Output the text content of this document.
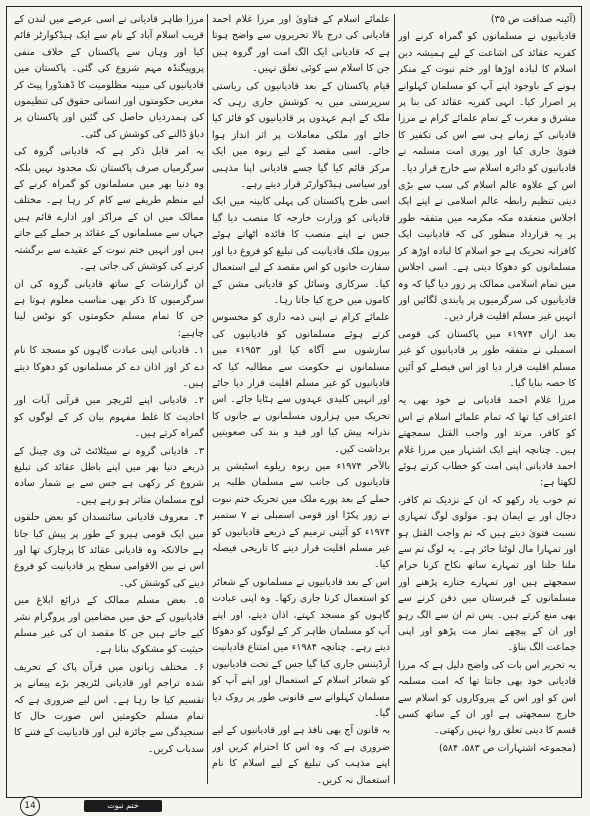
(آئینہ صداقت ص ۳۵)

قادیانیوں نے مسلمانوں کو گمراہ کرنے اور کفریہ عقائد کی اشاعت کے لیے ہمیشہ دین اسلام کا لبادہ اوڑھا اور ختم نبوت کے منکر ہونے کے باوجود اپنے آپ کو مسلمان کہلوانے پر اصرار کیا۔ انہی کفریہ عقائد کی بنا پر مشرق و مغرب کے تمام علمائے کرام نے مرزا قادیانی کے زمانے ہی سے اس کی تکفیر کا فتویٰ جاری کیا اور پوری امت مسلمہ نے قادیانیوں کو دائرہ اسلام سے خارج قرار دیا۔

اس کے علاوہ عالم اسلام کی سب سے بڑی دینی تنظیم رابطہ عالم اسلامی نے اپنے ایک اجلاس منعقدہ مکہ مکرمہ میں متفقہ طور پر یہ قرارداد منظور کی کہ قادیانیت ایک کافرانہ تحریک ہے جو اسلام کا لبادہ اوڑھ کر مسلمانوں کو دھوکا دیتی ہے۔ اسی اجلاس میں تمام اسلامی ممالک پر زور دیا گیا کہ وہ قادیانیوں کی سرگرمیوں پر پابندی لگائیں اور انہیں غیر مسلم اقلیت قرار دیں۔

بعد ازاں ۱۹۷۴ء میں پاکستان کی قومی اسمبلی نے متفقہ طور پر قادیانیوں کو غیر مسلم اقلیت قرار دیا اور اس فیصلے کو آئین کا حصہ بنایا گیا۔

مرزا غلام احمد قادیانی نے خود بھی یہ اعتراف کیا تھا کہ تمام علمائے اسلام نے اس کو کافر، مرتد اور واجب القتل سمجھتے ہیں۔ چنانچہ اپنے ایک اشتہار میں مرزا غلام احمد قادیانی اپنی امت کو خطاب کرتے ہوئے لکھتا ہے:

تم خوب یاد رکھو کہ ان کے نزدیک تم کافر، دجال اور بے ایمان ہو۔ مولوی لوگ تمہاری نسبت فتویٰ دیتے ہیں کہ تم واجب القتل ہو اور تمہارا مال لوٹنا جائز ہے۔ یہ لوگ تم سے ملنا جلنا اور تمہارے ساتھ نکاح کرنا حرام سمجھتے ہیں اور تمہارے جنازے پڑھنے اور مسلمانوں کے قبرستان میں دفن کرنے سے بھی منع کرتے ہیں۔ پس تم ان سے الگ رہو اور ان کے پیچھے نماز مت پڑھو اور اپنی جماعت الگ بناؤ۔

یہ تحریر اس بات کی واضح دلیل ہے کہ مرزا قادیانی خود بھی جانتا تھا کہ امت مسلمہ اس کو اور اس کے پیروکاروں کو اسلام سے خارج سمجھتی ہے اور ان کے ساتھ کسی قسم کا دینی تعلق روا نہیں رکھتی۔

(مجموعہ اشتہارات ص ۵۸۳، ۵۸۴)

علمائے اسلام کے فتاویٰ اور مرزا غلام احمد قادیانی کی درج بالا تحریروں سے واضح ہوتا ہے کہ قادیانی ایک الگ امت اور گروہ ہیں جن کا اسلام سے کوئی تعلق نہیں۔

قیام پاکستان کے بعد قادیانیوں کی ریاستی سرپرستی میں یہ کوشش جاری رہی کہ ملک کے اہم عہدوں پر قادیانیوں کو فائز کیا جائے اور ملکی معاملات پر اثر انداز ہوا جائے۔ اسی مقصد کے لیے ربوہ میں ایک مرکز قائم کیا گیا جسے قادیانی اپنا مذہبی اور سیاسی ہیڈکوارٹر قرار دیتے رہے۔

اسی طرح پاکستان کی پہلی کابینہ میں ایک قادیانی کو وزارت خارجہ کا منصب دیا گیا جس نے اپنے منصب کا فائدہ اٹھاتے ہوئے بیرون ملک قادیانیت کی تبلیغ کو فروغ دیا اور سفارت خانوں کو اس مقصد کے لیے استعمال کیا۔ سرکاری وسائل کو قادیانی مشن کے کاموں میں خرچ کیا جاتا رہا۔

علمائے کرام نے اپنی ذمہ داری کو محسوس کرتے ہوئے مسلمانوں کو قادیانیوں کی سازشوں سے آگاہ کیا اور ۱۹۵۳ء میں مسلمانوں نے حکومت سے مطالبہ کیا کہ قادیانیوں کو غیر مسلم اقلیت قرار دیا جائے اور انہیں کلیدی عہدوں سے ہٹایا جائے۔ اس تحریک میں ہزاروں مسلمانوں نے جانوں کا نذرانہ پیش کیا اور قید و بند کی صعوبتیں برداشت کیں۔

بالآخر ۱۹۷۴ء میں ربوہ ریلوے اسٹیشن پر قادیانیوں کی جانب سے مسلمان طلبہ پر حملے کے بعد پورے ملک میں تحریک ختم نبوت نے زور پکڑا اور قومی اسمبلی نے ۷ ستمبر ۱۹۷۴ء کو آئینی ترمیم کے ذریعے قادیانیوں کو غیر مسلم اقلیت قرار دینے کا تاریخی فیصلہ کیا۔

اس کے بعد قادیانیوں نے مسلمانوں کے شعائر کو استعمال کرنا جاری رکھا۔ وہ اپنی عبادت گاہوں کو مسجد کہتے، اذان دیتے، اور اپنے آپ کو مسلمان ظاہر کر کے لوگوں کو دھوکا دیتے رہے۔ چنانچہ ۱۹۸۴ء میں امتناع قادیانیت آرڈیننس جاری کیا گیا جس کے تحت قادیانیوں کو شعائر اسلام کے استعمال اور اپنے آپ کو مسلمان کہلوانے سے قانونی طور پر روک دیا گیا۔

یہ قانون آج بھی نافذ ہے اور قادیانیوں کے لیے ضروری ہے کہ وہ اس کا احترام کریں اور اپنے مذہب کی تبلیغ کے لیے اسلام کا نام استعمال نہ کریں۔

مرزا طاہر قادیانی نے اسی عرصے میں لندن کے قریب اسلام آباد کے نام سے ایک ہیڈکوارٹر قائم کیا اور وہاں سے پاکستان کے خلاف منفی پروپیگنڈہ مہم شروع کی گئی۔ پاکستان میں قادیانیوں کی مبینہ مظلومیت کا ڈھنڈورا پیٹ کر مغربی حکومتوں اور انسانی حقوق کی تنظیموں کی ہمدردیاں حاصل کی گئیں اور پاکستان پر دباؤ ڈالنے کی کوشش کی گئی۔

یہ امر قابل ذکر ہے کہ قادیانی گروہ کی سرگرمیاں صرف پاکستان تک محدود نہیں بلکہ وہ دنیا بھر میں مسلمانوں کو گمراہ کرنے کے لیے منظم طریقے سے کام کر رہا ہے۔ مختلف ممالک میں ان کے مراکز اور ادارے قائم ہیں جہاں سے مسلمانوں کے عقائد پر حملے کیے جاتے ہیں اور انہیں ختم نبوت کے عقیدے سے برگشتہ کرنے کی کوشش کی جاتی ہے۔

ان گزارشات کے ساتھ قادیانی گروہ کی ان سرگرمیوں کا ذکر بھی مناسب معلوم ہوتا ہے جن کا تمام مسلم حکومتوں کو نوٹس لینا چاہیے:

۱۔ قادیانی اپنی عبادت گاہوں کو مسجد کا نام دے کر اور اذان دے کر مسلمانوں کو دھوکا دیتے ہیں۔

۲۔ قادیانی اپنے لٹریچر میں قرآنی آیات اور احادیث کا غلط مفہوم بیان کر کے لوگوں کو گمراہ کرتے ہیں۔

۳۔ قادیانی گروہ نے سیٹلائٹ ٹی وی چینل کے ذریعے دنیا بھر میں اپنے باطل عقائد کی تبلیغ شروع کر رکھی ہے جس سے بے شمار سادہ لوح مسلمان متاثر ہو رہے ہیں۔

۴۔ معروف قادیانی سائنسدان کو بعض حلقوں میں ایک قومی ہیرو کے طور پر پیش کیا جاتا ہے حالانکہ وہ قادیانی عقائد کا پرچارک تھا اور اس نے بین الاقوامی سطح پر قادیانیت کو فروغ دینے کی کوشش کی۔

۵۔ بعض مسلم ممالک کے ذرائع ابلاغ میں قادیانیوں کے حق میں مضامین اور پروگرام نشر کیے جاتے ہیں جن کا مقصد ان کی غیر مسلم حیثیت کو مشکوک بنانا ہے۔

۶۔ مختلف زبانوں میں قرآن پاک کے تحریف شدہ تراجم اور قادیانی لٹریچر بڑے پیمانے پر تقسیم کیا جا رہا ہے۔ اس لیے ضروری ہے کہ تمام مسلم حکومتیں اس صورت حال کا سنجیدگی سے جائزہ لیں اور قادیانیت کے فتنے کا سدباب کریں۔

14	ختم نبوت
